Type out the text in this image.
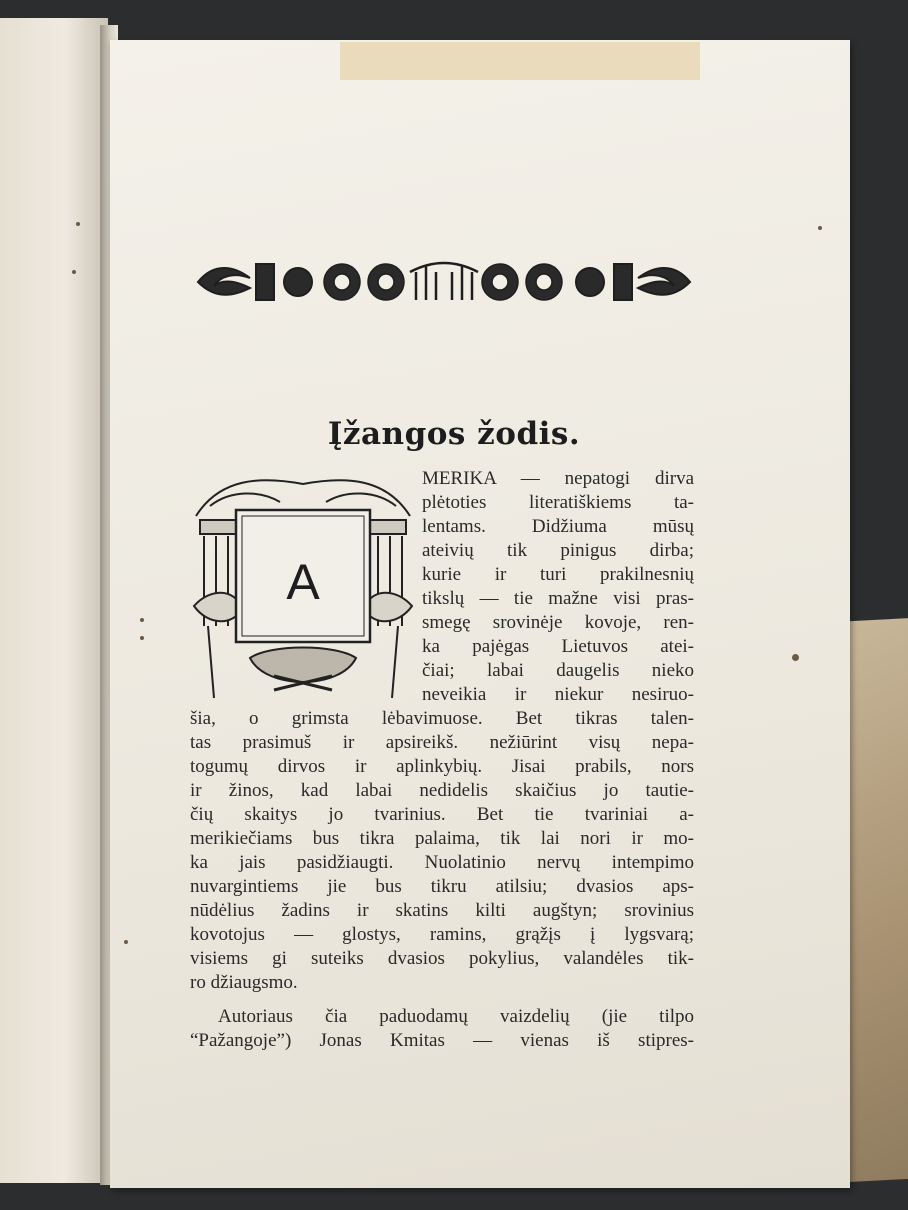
Įžangos žodis.
A
MERIKA — nepatogi dirva
plėtoties literatiškiems ta-
lentams. Didžiuma mūsų
ateivių tik pinigus dirba;
kurie ir turi prakilnesnių
tikslų — tie mažne visi pras-
smegę srovinėje kovoje, ren-
ka pajėgas Lietuvos atei-
čiai; labai daugelis nieko
neveikia ir niekur nesiruo-
šia, o grimsta lėbavimuose. Bet tikras talen-
tas prasimuš ir apsireikš. nežiūrint visų nepa-
togumų dirvos ir aplinkybių. Jisai prabils, nors
ir žinos, kad labai nedidelis skaičius jo tautie-
čių skaitys jo tvarinius. Bet tie tvariniai a-
merikiečiams bus tikra palaima, tik lai nori ir mo-
ka jais pasidžiaugti. Nuolatinio nervų intempimo
nuvargintiems jie bus tikru atilsiu; dvasios aps-
nūdėlius žadins ir skatins kilti augštyn; srovinius
kovotojus — glostys, ramins, grąžįs į lygsvarą;
visiems gi suteiks dvasios pokylius, valandėles tik-
ro džiaugsmo.
Autoriaus čia paduodamų vaizdelių (jie tilpo
“Pažangoje”) Jonas Kmitas — vienas iš stipres-
